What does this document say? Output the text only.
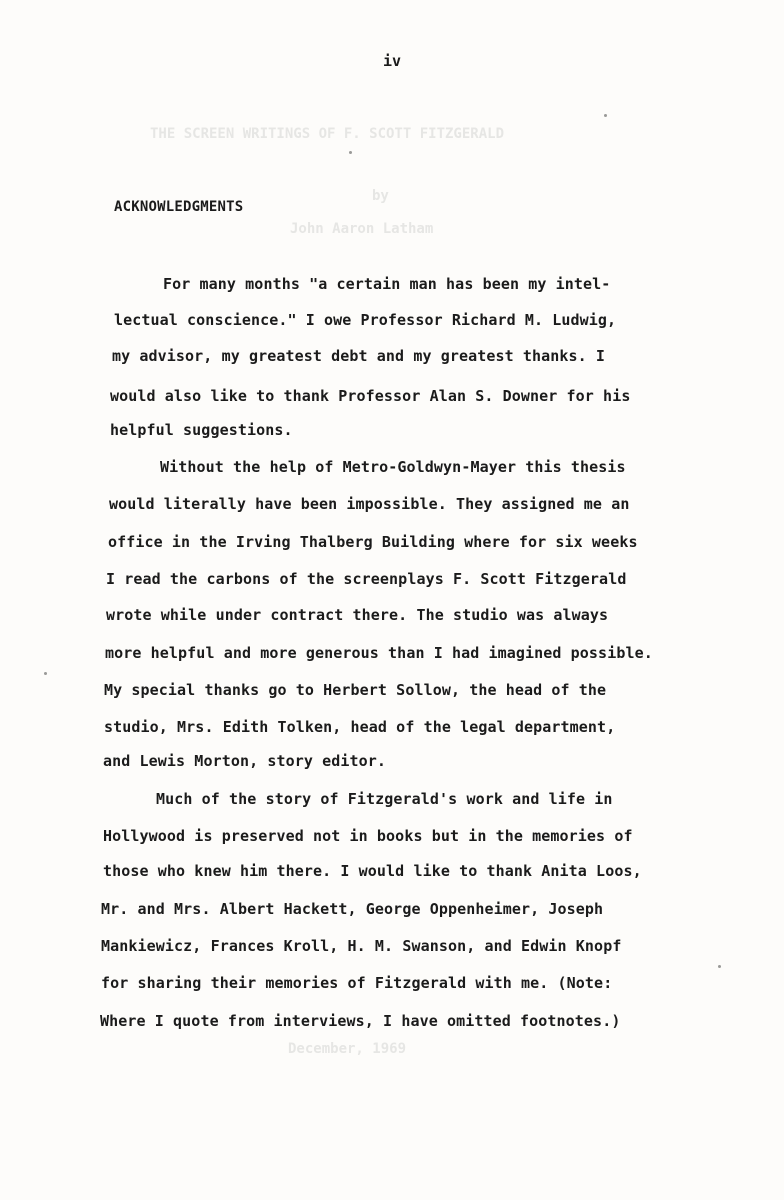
THE SCREEN WRITINGS OF F. SCOTT FITZGERALD
by
John Aaron Latham
December, 1969
iv
ACKNOWLEDGMENTS
For many months "a certain man has been my intel-
lectual conscience." I owe Professor Richard M. Ludwig,
my advisor, my greatest debt and my greatest thanks. I
would also like to thank Professor Alan S. Downer for his
helpful suggestions.
Without the help of Metro-Goldwyn-Mayer this thesis
would literally have been impossible. They assigned me an
office in the Irving Thalberg Building where for six weeks
I read the carbons of the screenplays F. Scott Fitzgerald
wrote while under contract there. The studio was always
more helpful and more generous than I had imagined possible.
My special thanks go to Herbert Sollow, the head of the
studio, Mrs. Edith Tolken, head of the legal department,
and Lewis Morton, story editor.
Much of the story of Fitzgerald's work and life in
Hollywood is preserved not in books but in the memories of
those who knew him there. I would like to thank Anita Loos,
Mr. and Mrs. Albert Hackett, George Oppenheimer, Joseph
Mankiewicz, Frances Kroll, H. M. Swanson, and Edwin Knopf
for sharing their memories of Fitzgerald with me. (Note:
Where I quote from interviews, I have omitted footnotes.)
